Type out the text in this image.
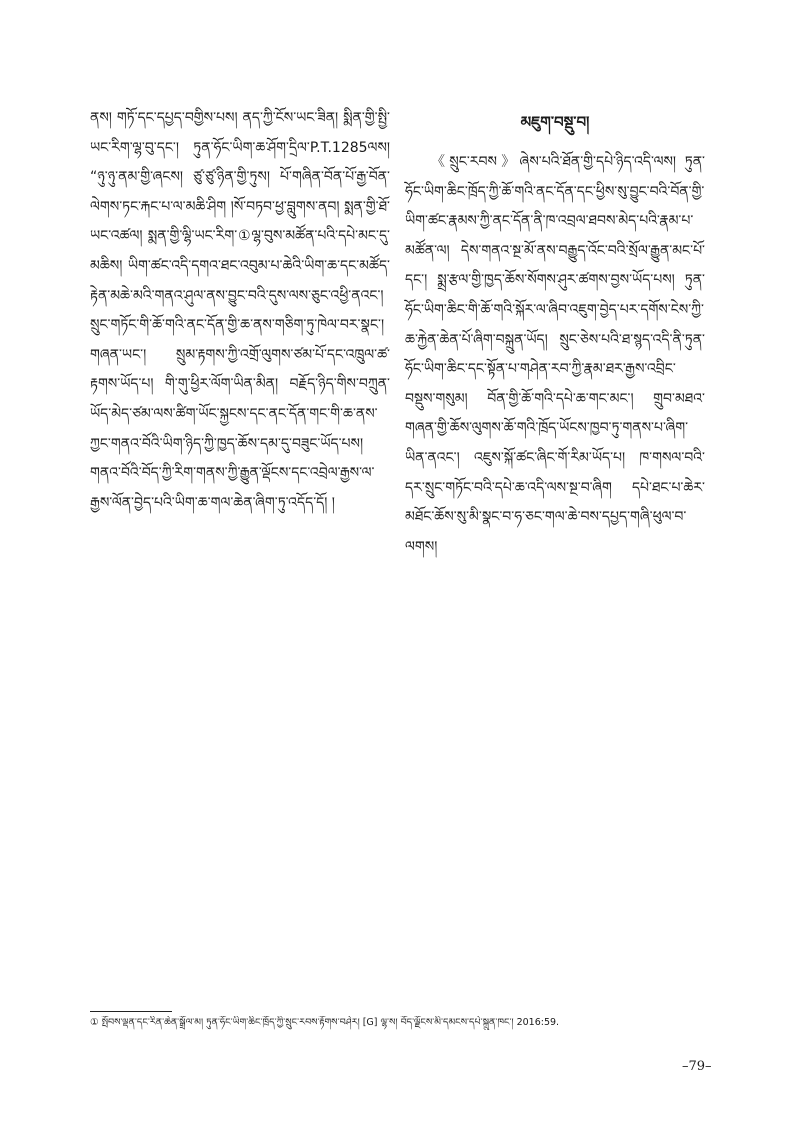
ནས། གཏོ་དང་དཔྱད་བགྱིས་པས། ནད་ཀྱི་ངོས་ཡང་ཟིན། སྨིན་གྱི་སྤྱི་ཡང་རིག་ལྷ་བུ་དང་། ཏུན་ཧོང་ཡིག་ཆ་ཤོག་དྲིལ་P.T.1285ལས། “ཉུ་ཉུ་ནམ་གྱི་ཞངས། ཙུ་ཙུ་ཉིན་གྱི་ཏུས། པོ་གཞིན་བོན་པོ་རྒྱ་བོན་ལེགས་ཏང་རྐང་པ་ལ་མཆི་ཤིག །སོ་བཏབ་ཕྱ་བླུགས་ནབ། སྨན་གྱི་ཐོ་ཡང་འཚལ། སྨན་གྱི་ལྷི་ཡང་རིག་①ལྷ་བུས་མཚོན་པའི་དཔེ་མང་དུ་མཆིས། ཡིག་ཚང་འདི་དགའ་ཐང་འབུམ་པ་ཆེའི་ཡིག་ཆ་དང་མཚོད་རྟེན་མཆེ་མའི་གནའ་ཤུལ་ནས་བྱུང་བའི་དུས་ལས་ཅུང་འཕྱི་ནའང་། སྲུང་གཏོང་གི་ཆོ་གའི་ནང་དོན་གྱི་ཆ་ནས་གཅིག་ཏུ་ཁེལ་བར་སྣང་། གཞན་ཡང་། སྲུམ་རྟགས་ཀྱི་འགྲོ་ལུགས་ཙམ་པོ་དང་འཁྲུལ་ཚ་རྟགས་ཡོད་པ། གི་གུ་ཕྱིར་ལོག་ཡིན་མིན། བརྗོད་ཉིད་གིས་བཀྲུན་ཡོད་མེད་ཙམ་ལས་ཚིག་ཡོང་སྐྱངས་དང་ནང་དོན་གང་གི་ཆ་ནས་ཀྱང་གནའ་བོའི་ཡིག་ཉིད་ཀྱི་ཁྱད་ཆོས་དམ་དུ་བཟུང་ཡོད་པས། གནའ་བོའི་བོད་ཀྱི་རིག་གནས་ཀྱི་རྒྱུན་ལྡོངས་དང་འབྲེལ་རྒྱས་ལ་རྒྱས་ལོན་བྱེད་པའི་ཡིག་ཆ་གལ་ཆེན་ཞིག་ཏུ་འདོད་དོ། །

མཇུག་བསྡུ་བ།

《སྲུང་རབས》ཞེས་པའི་ཐོན་གྱི་དཔེ་ཉིད་འདི་ལས། ཏུན་ཧོང་ཡིག་ཆིང་ཁྲོད་ཀྱི་ཆོ་གའི་ནང་དོན་དང་ཕྱིས་སུ་བྱུང་བའི་བོན་གྱི་ཡིག་ཚང་རྣམས་ཀྱི་ནང་དོན་ནི་ཁ་འབྲལ་ཐབས་མེད་པའི་རྣམ་པ་མཚོན་ལ། དེས་གནའ་སྔ་མོ་ནས་བརྒྱུད་འོང་བའི་སྲོལ་རྒྱུན་མང་པོ་དང་། སྨྲ་རྩལ་གྱི་ཁྱད་ཆོས་སོགས་ཤུར་ཚགས་བྱས་ཡོད་པས། ཏུན་ཧོང་ཡིག་ཆིང་གི་ཆོ་གའི་སྐོར་ལ་ཞིབ་འཇུག་བྱེད་པར་དགོས་ངེས་ཀྱི་ཆ་རྐྱེན་ཆེན་པོ་ཞིག་བསྐྲུན་ཡོད། སྲུང་ཅེས་པའི་ཐ་སྙད་འདི་ནི་ཏུན་ཧོང་ཡིག་ཆིང་དང་སྟོན་པ་གཤེན་རབ་ཀྱི་རྣམ་ཐར་རྒྱས་འབྲིང་བསྡུས་གསུམ། བོན་གྱི་ཆོ་གའི་དཔེ་ཆ་གང་མང་། གྲུབ་མཐའ་གཞན་གྱི་ཆོས་ལུགས་ཆོ་གའི་ཁྲོད་ཡོངས་ཁྱབ་ཏུ་གནས་པ་ཞིག་ཡིན་ནའང་། འཇུས་སྐོ་ཚང་ཞིང་གོ་རིམ་ཡོད་པ། ཁ་གསལ་བའི་དར་སྲུང་གཏོང་བའི་དཔེ་ཆ་འདི་ལས་སྔ་བ་ཞིག དཔེ་ཐང་པ་ཆེར་མཐོང་ཆོས་སུ་མི་སྣང་བ་ཧ་ཅང་གལ་ཆེ་བས་དཔྱད་གཞི་ཕུལ་བ་ལགས།

① སྤོབས་ལྡན་དང་རིན་ཆེན་སྒྲོལ་མ། ཏུན་ཧོང་ཡིག་ཆིང་ཁྲོད་ཀྱི་སྲུང་རབས་རྟོགས་བཤེར། [G] ལྷ་ས། བོད་ལྗོངས་མི་དམངས་དཔེ་སྐྲུན་ཁང་། 2016:59.
–79–
